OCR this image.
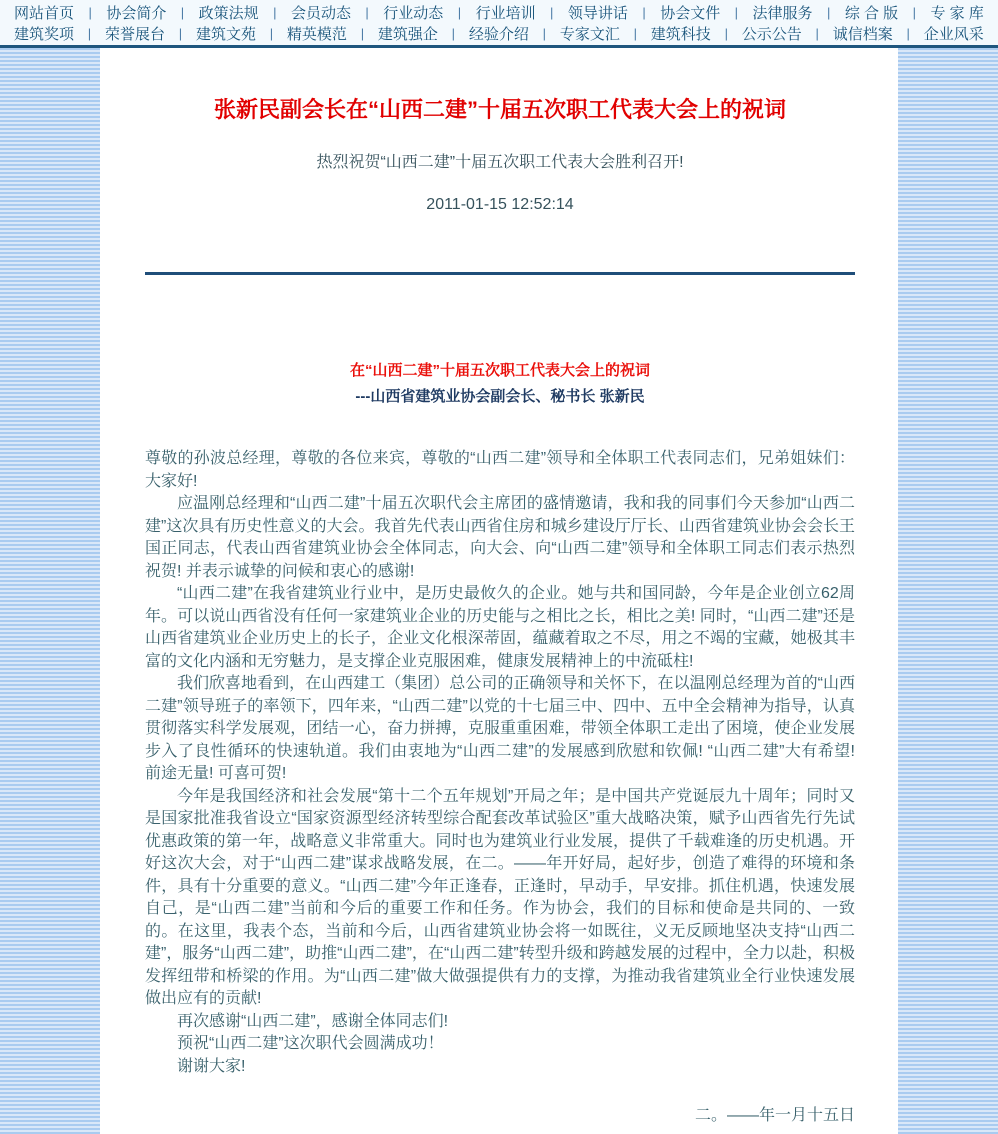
网站首页 | 协会简介 | 政策法规 | 会员动态 | 行业动态 | 行业培训 | 领导讲话 | 协会文件 | 法律服务 | 综 合 版 | 专 家 库
建筑奖项 | 荣誉展台 | 建筑文苑 | 精英模范 | 建筑强企 | 经验介绍 | 专家文汇 | 建筑科技 | 公示公告 | 诚信档案 | 企业风采
张新民副会长在“山西二建”十届五次职工代表大会上的祝词
热烈祝贺“山西二建”十届五次职工代表大会胜利召开!
2011-01-15 12:52:14
在“山西二建”十届五次职工代表大会上的祝词
---山西省建筑业协会副会长、秘书长 张新民

尊敬的孙波总经理，尊敬的各位来宾，尊敬的“山西二建”领导和全体职工代表同志们，兄弟姐妹们：大家好!

应温刚总经理和“山西二建”十届五次职代会主席团的盛情邀请，我和我的同事们今天参加“山西二建”这次具有历史性意义的大会。我首先代表山西省住房和城乡建设厅厅长、山西省建筑业协会会长王国正同志，代表山西省建筑业协会全体同志，向大会、向“山西二建”领导和全体职工同志们表示热烈祝贺! 并表示诚挚的问候和衷心的感谢!

“山西二建”在我省建筑业行业中，是历史最攸久的企业。她与共和国同龄，今年是企业创立62周年。可以说山西省没有任何一家建筑业企业的历史能与之相比之长，相比之美! 同时，“山西二建”还是山西省建筑业企业历史上的长子，企业文化根深蒂固，蕴藏着取之不尽，用之不竭的宝藏，她极其丰富的文化内涵和无穷魅力，是支撑企业克服困难，健康发展精神上的中流砥柱!

我们欣喜地看到，在山西建工（集团）总公司的正确领导和关怀下，在以温刚总经理为首的“山西二建”领导班子的率领下，四年来，“山西二建”以党的十七届三中、四中、五中全会精神为指导，认真贯彻落实科学发展观，团结一心，奋力拼搏，克服重重困难，带领全体职工走出了困境，使企业发展步入了良性循环的快速轨道。我们由衷地为“山西二建”的发展感到欣慰和钦佩! “山西二建”大有希望! 前途无量! 可喜可贺!

今年是我国经济和社会发展“第十二个五年规划”开局之年；是中国共产党诞辰九十周年；同时又是国家批准我省设立“国家资源型经济转型综合配套改革试验区”重大战略决策，赋予山西省先行先试优惠政策的第一年，战略意义非常重大。同时也为建筑业行业发展，提供了千载难逢的历史机遇。开好这次大会，对于“山西二建”谋求战略发展，在二。——年开好局，起好步，创造了难得的环境和条件，具有十分重要的意义。“山西二建”今年正逢春，正逢时，早动手，早安排。抓住机遇，快速发展自己，是“山西二建”当前和今后的重要工作和任务。作为协会，我们的目标和使命是共同的、一致的。在这里，我表个态，当前和今后，山西省建筑业协会将一如既往，义无反顾地坚决支持“山西二建”，服务“山西二建”，助推“山西二建”，在“山西二建”转型升级和跨越发展的过程中，全力以赴，积极发挥纽带和桥梁的作用。为“山西二建”做大做强提供有力的支撑，为推动我省建筑业全行业快速发展做出应有的贡献!

再次感谢“山西二建”，感谢全体同志们!

预祝“山西二建”这次职代会圆满成功！

谢谢大家!

二。——年一月十五日
